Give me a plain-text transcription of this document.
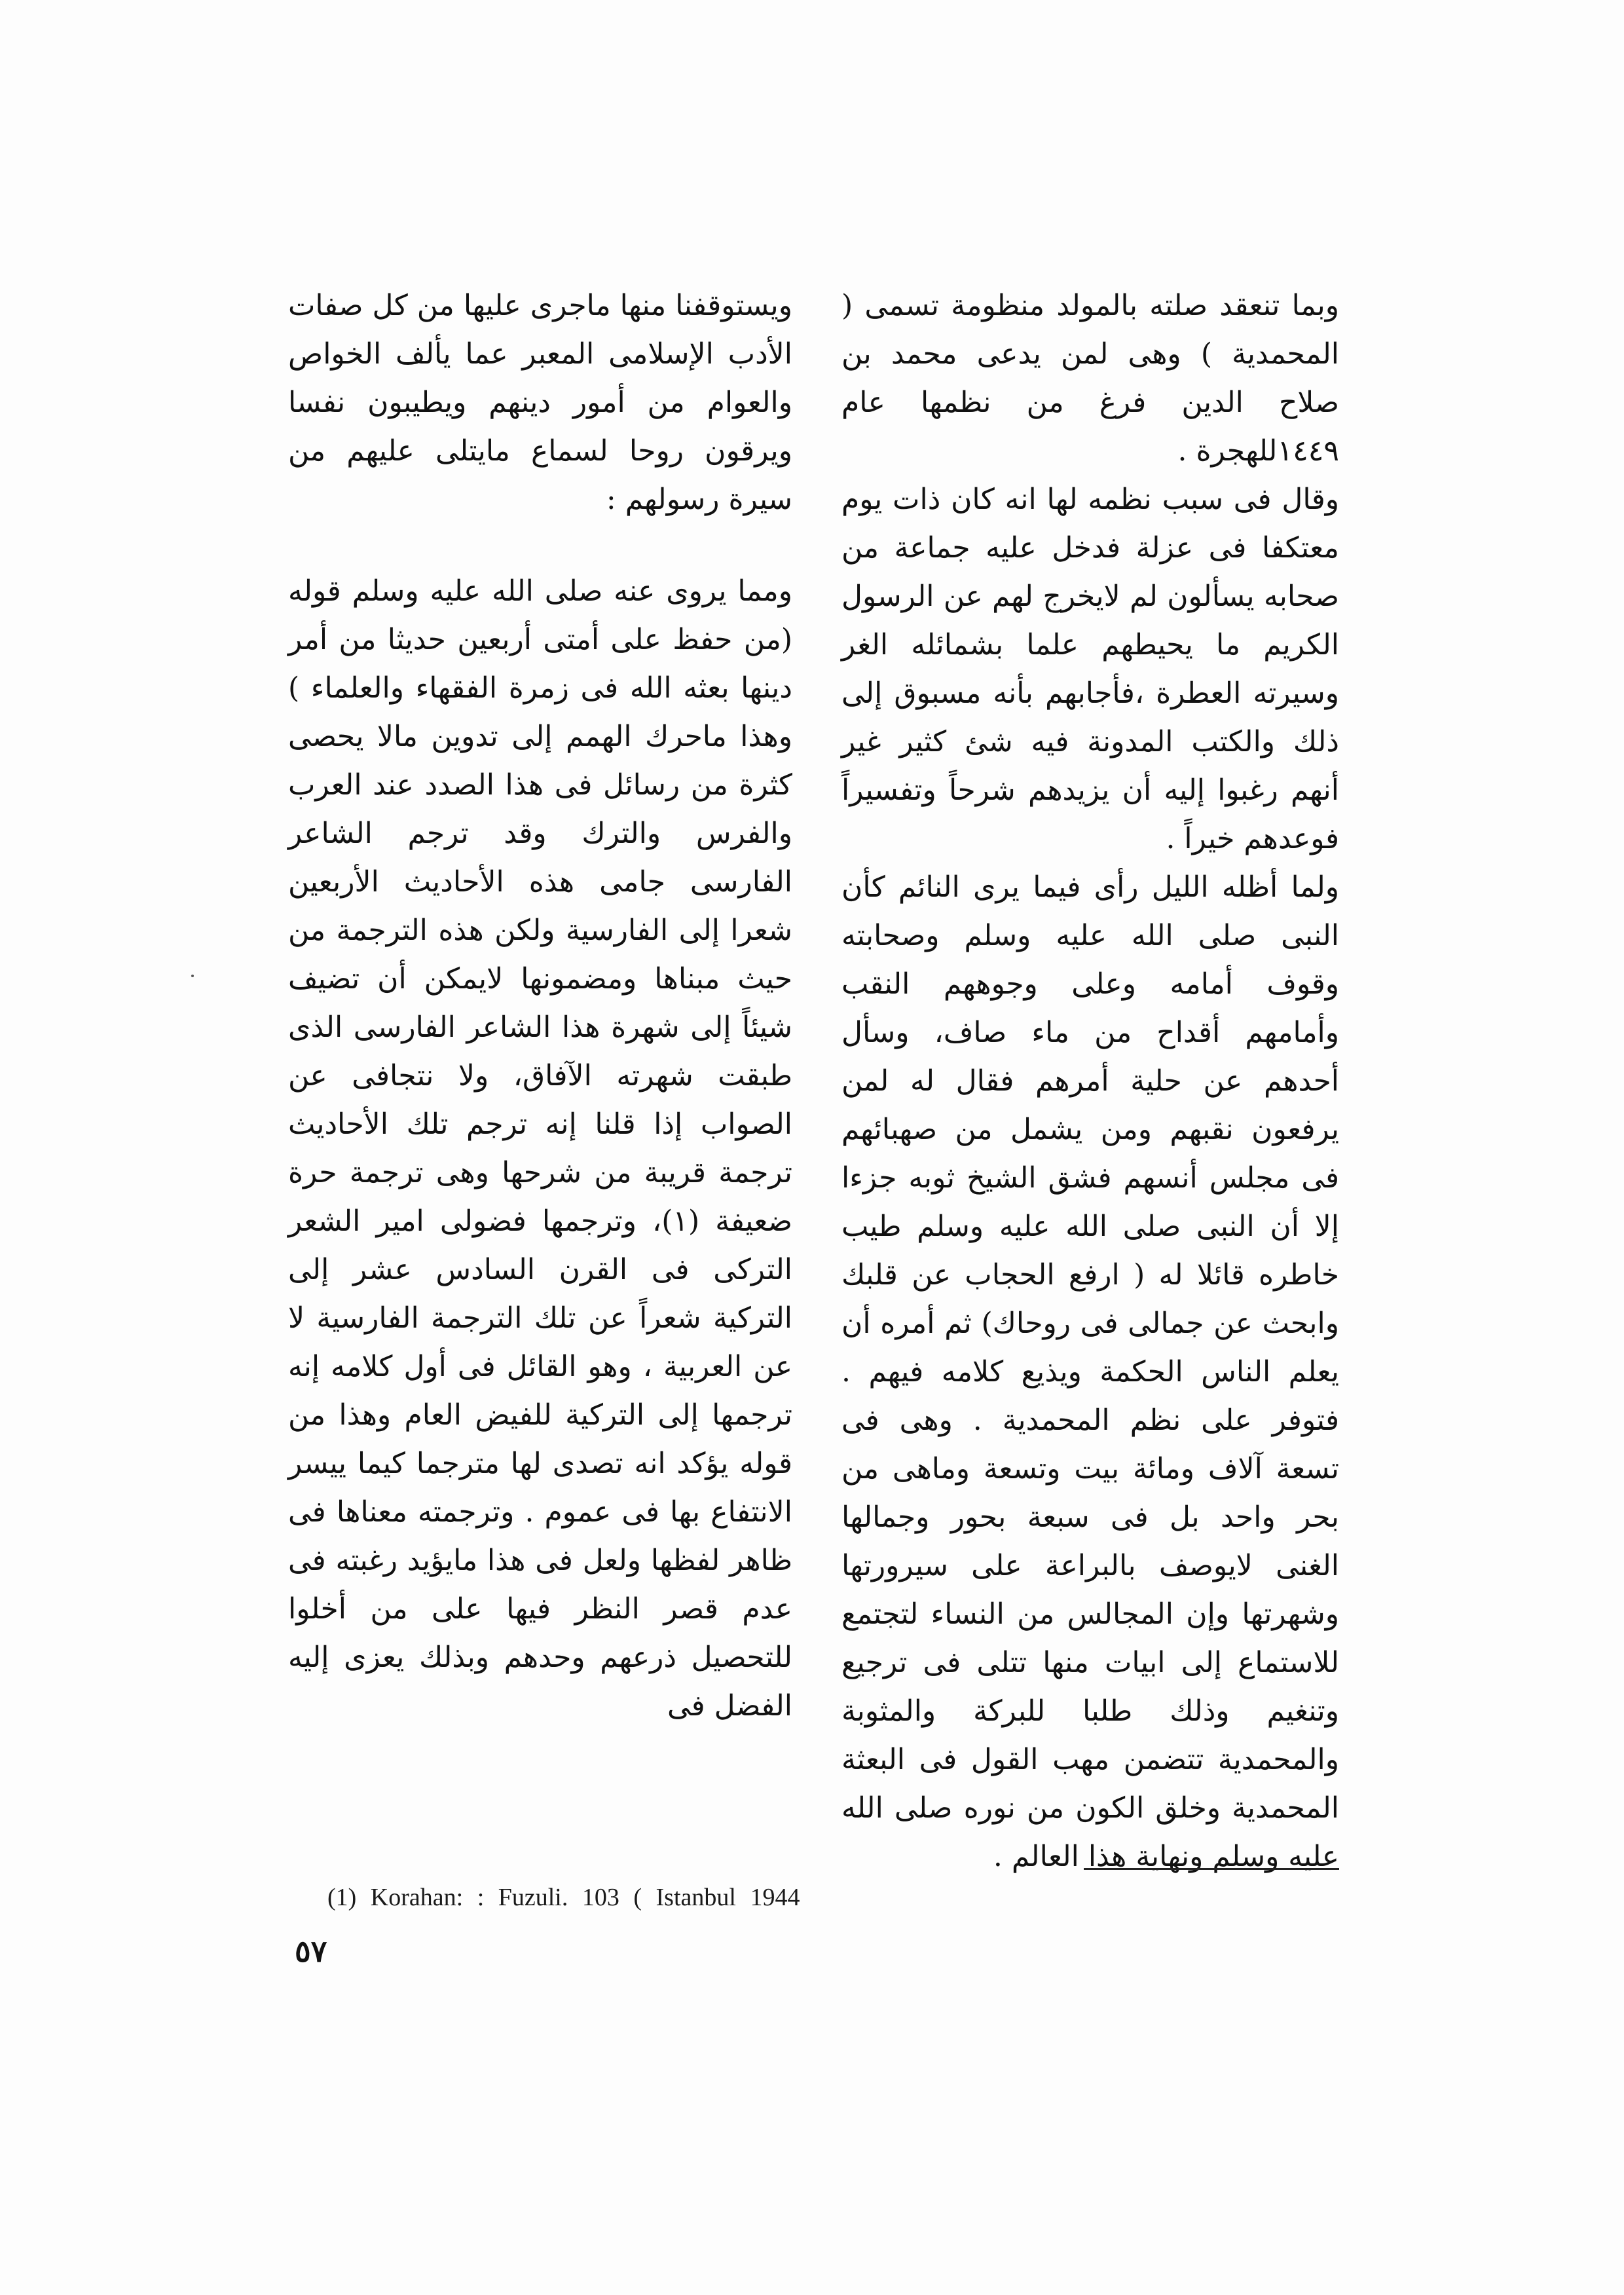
وبما تنعقد صلته بالمولد منظومة تسمى ( المحمدية ) وهى لمن يدعى محمد بن صلاح الدين فرغ من نظمها عام ١٤٤٩للهجرة .

وقال فى سبب نظمه لها انه كان ذات يوم معتكفا فى عزلة فدخل عليه جماعة من صحابه يسألون لم لايخرج لهم عن الرسول الكريم ما يحيطهم علما بشمائله الغر وسيرته العطرة ،فأجابهم بأنه مسبوق إلى ذلك والكتب المدونة فيه شئ كثير غير أنهم رغبوا إليه أن يزيدهم شرحاً وتفسيراً فوعدهم خيراً .

ولما أظله الليل رأى فيما يرى النائم كأن النبى صلى الله عليه وسلم وصحابته وقوف أمامه وعلى وجوههم النقب وأمامهم أقداح من ماء صاف، وسأل أحدهم عن حلية أمرهم فقال له لمن يرفعون نقبهم ومن يشمل من صهبائهم فى مجلس أنسهم فشق الشيخ ثوبه جزءا إلا أن النبى صلى الله عليه وسلم طيب خاطره قائلا له ( ارفع الحجاب عن قلبك وابحث عن جمالى فى روحاك) ثم أمره أن يعلم الناس الحكمة ويذيع كلامه فيهم . فتوفر على نظم المحمدية . وهى فى تسعة آلاف ومائة بيت وتسعة وماهى من بحر واحد بل فى سبعة بحور وجمالها الغنى لايوصف بالبراعة على سيرورتها وشهرتها وإن المجالس من النساء لتجتمع للاستماع إلى ابيات منها تتلى فى ترجيع وتنغيم وذلك طلبا للبركة والمثوبة والمحمدية تتضمن مهب القول فى البعثة المحمدية وخلق الكون من نوره صلى الله عليه وسلم ونهاية هذا العالم .

ويستوقفنا منها ماجرى عليها من كل صفات الأدب الإسلامى المعبر عما يألف الخواص والعوام من أمور دينهم ويطيبون نفسا ويرقون روحا لسماع مايتلى عليهم من سيرة رسولهم :

ومما يروى عنه صلى الله عليه وسلم قوله (من حفظ على أمتى أربعين حديثا من أمر دينها بعثه الله فى زمرة الفقهاء والعلماء ) وهذا ماحرك الهمم إلى تدوين مالا يحصى كثرة من رسائل فى هذا الصدد عند العرب والفرس والترك وقد ترجم الشاعر الفارسى جامى هذه الأحاديث الأربعين شعرا إلى الفارسية ولكن هذه الترجمة من حيث مبناها ومضمونها لايمكن أن تضيف شيئاً إلى شهرة هذا الشاعر الفارسى الذى طبقت شهرته الآفاق، ولا نتجافى عن الصواب إذا قلنا إنه ترجم تلك الأحاديث ترجمة قريبة من شرحها وهى ترجمة حرة ضعيفة (١)، وترجمها فضولى امير الشعر التركى فى القرن السادس عشر إلى التركية شعراً عن تلك الترجمة الفارسية لا عن العربية ، وهو القائل فى أول كلامه إنه ترجمها إلى التركية للفيض العام وهذا من قوله يؤكد انه تصدى لها مترجما كيما ييسر الانتفاع بها فى عموم . وترجمته معناها فى ظاهر لفظها ولعل فى هذا مايؤيد رغبته فى عدم قصر النظر فيها على من أخلوا للتحصيل ذرعهم وحدهم وبذلك يعزى إليه الفضل فى

(1) Korahan: : Fuzuli. 103 ( Istanbul 1944
٥٧
